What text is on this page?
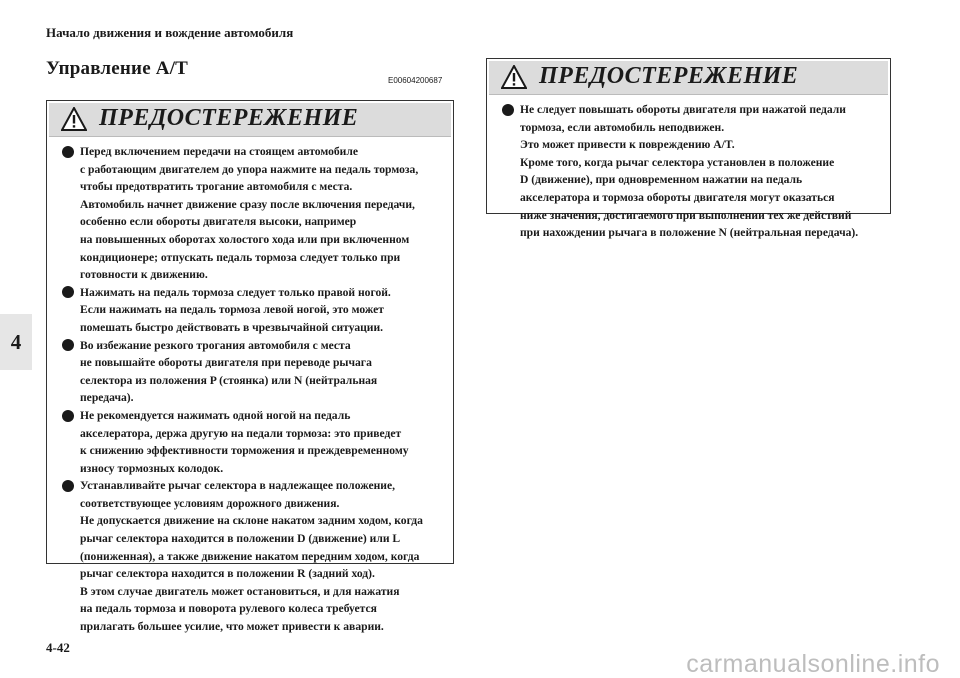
Начало движения и вождение автомобиля
Управление A/T
E00604200687
4
ПРЕДОСТЕРЕЖЕНИЕ

Перед включением передачи на стоящем автомобиле

с работающим двигателем до упора нажмите на педаль тормоза,

чтобы предотвратить трогание автомобиля с места.

Автомобиль начнет движение сразу после включения передачи,

особенно если обороты двигателя высоки, например

на повышенных оборотах холостого хода или при включенном

кондиционере; отпускать педаль тормоза следует только при

готовности к движению.

Нажимать на педаль тормоза следует только правой ногой.

Если нажимать на педаль тормоза левой ногой, это может

помешать быстро действовать в чрезвычайной ситуации.

Во избежание резкого трогания автомобиля с места

не повышайте обороты двигателя при переводе рычага

селектора из положения P (стоянка) или N (нейтральная

передача).

Не рекомендуется нажимать одной ногой на педаль

акселератора, держа другую на педали тормоза: это приведет

к снижению эффективности торможения и преждевременному

износу тормозных колодок.

Устанавливайте рычаг селектора в надлежащее положение,

соответствующее условиям дорожного движения.

Не допускается движение на склоне накатом задним ходом, когда

рычаг селектора находится в положении D (движение) или L

(пониженная), а также движение накатом передним ходом, когда

рычаг селектора находится в положении R (задний ход).

В этом случае двигатель может остановиться, и для нажатия

на педаль тормоза и поворота рулевого колеса требуется

прилагать большее усилие, что может привести к аварии.

ПРЕДОСТЕРЕЖЕНИЕ

Не следует повышать обороты двигателя при нажатой педали

тормоза, если автомобиль неподвижен.

Это может привести к повреждению A/T.

Кроме того, когда рычаг селектора установлен в положение

D (движение), при одновременном нажатии на педаль

акселератора и тормоза обороты двигателя могут оказаться

ниже значения, достигаемого при выполнении тех же действий

при нахождении рычага в положение N (нейтральная передача).

4-42
carmanualsonline.info
